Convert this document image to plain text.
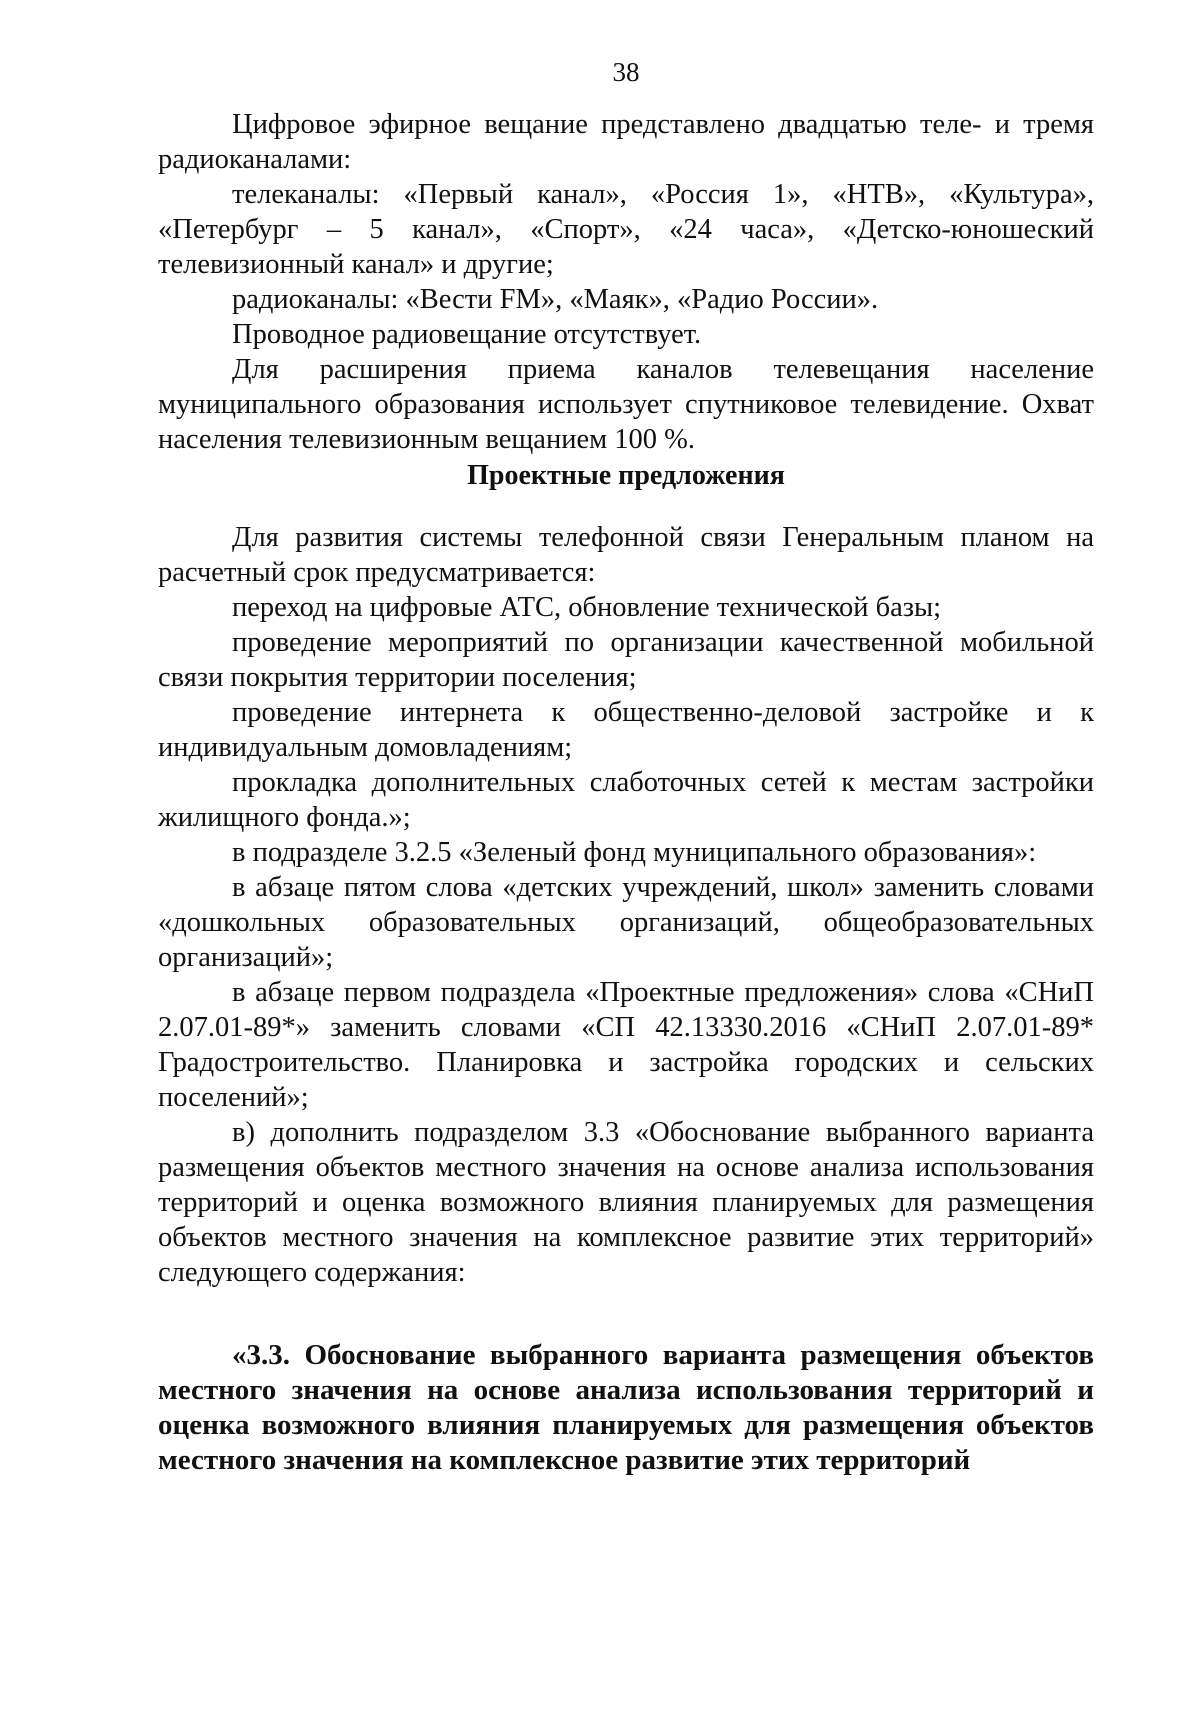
38

Цифровое эфирное вещание представлено двадцатью теле- и тремя радиоканалами:

телеканалы: «Первый канал», «Россия 1», «НТВ», «Культура», «Петербург – 5 канал», «Спорт», «24 часа», «Детско-юношеский телевизионный канал» и другие;

радиоканалы: «Вести FM», «Маяк», «Радио России».

Проводное радиовещание отсутствует.

Для расширения приема каналов телевещания население муниципального образования использует спутниковое телевидение. Охват населения телевизионным вещанием 100 %.

Проектные предложения

Для развития системы телефонной связи Генеральным планом на расчетный срок предусматривается:

переход на цифровые АТС, обновление технической базы;

проведение мероприятий по организации качественной мобильной связи покрытия территории поселения;

проведение интернета к общественно-деловой застройке и к индивидуальным домовладениям;

прокладка дополнительных слаботочных сетей к местам застройки жилищного фонда.»;

в подразделе 3.2.5 «Зеленый фонд муниципального образования»:

в абзаце пятом слова «детских учреждений, школ» заменить словами «дошкольных образовательных организаций, общеобразовательных организаций»;

в абзаце первом подраздела «Проектные предложения» слова «СНиП 2.07.01-89*» заменить словами «СП 42.13330.2016 «СНиП 2.07.01-89* Градостроительство. Планировка и застройка городских и сельских поселений»;

в) дополнить подразделом 3.3 «Обоснование выбранного варианта размещения объектов местного значения на основе анализа использования территорий и оценка возможного влияния планируемых для размещения объектов местного значения на комплексное развитие этих территорий» следующего содержания:

«3.3. Обоснование выбранного варианта размещения объектов местного значения на основе анализа использования территорий и оценка возможного влияния планируемых для размещения объектов местного значения на комплексное развитие этих территорий
